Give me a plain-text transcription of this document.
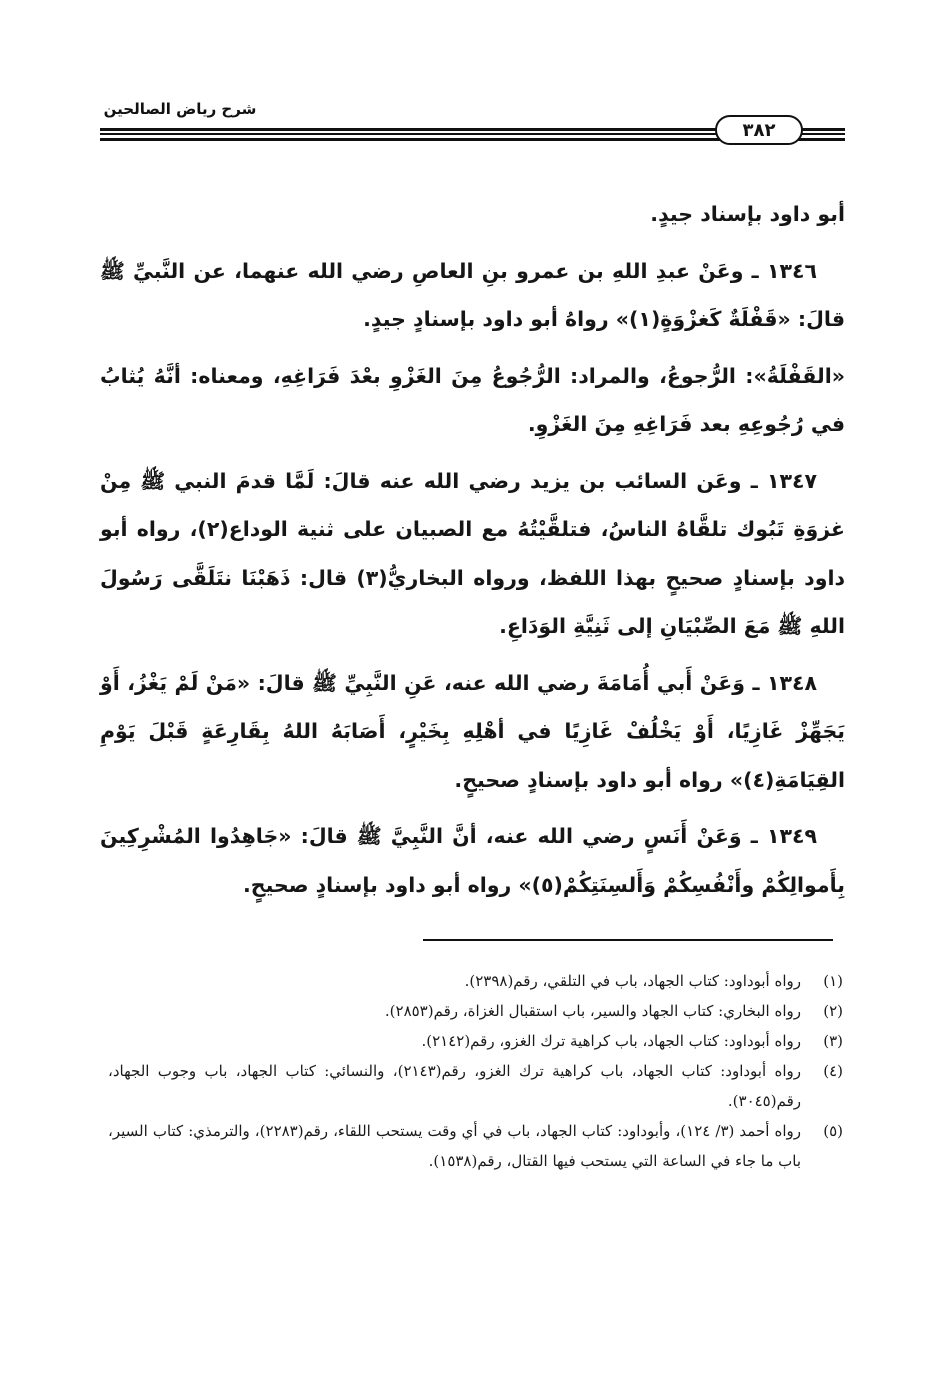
شرح رياض الصالحين
٣٨٢

أبو داود بإسناد جيدٍ.

١٣٤٦ ـ وعَنْ عبدِ اللهِ بن عمرو بنِ العاصِ رضي الله عنهما، عن النَّبيِّ ﷺ قالَ: «قَفْلَةٌ كَغزْوَةٍ(١)» رواهُ أبو داود بإسنادٍ جيدٍ.

«القَفْلَةُ»: الرُّجوعُ، والمراد: الرُّجُوعُ مِنَ الغَزْوِ بعْدَ فَرَاغِهِ، ومعناه: أنَّهُ يُثابُ في رُجُوعِهِ بعد فَرَاغِهِ مِنَ الغَزْوِ.

١٣٤٧ ـ وعَن السائب بن يزيد رضي الله عنه قالَ: لَمَّا قدمَ النبي ﷺ مِنْ غزوَةِ تَبُوك تلقَّاهُ الناسُ، فتلقَّيْتُهُ مع الصبيان على ثنية الوداع(٢)، رواه أبو داود بإسنادٍ صحيحٍ بهذا اللفظ، ورواه البخاريُّ(٣) قال: ذَهَبْنَا نتَلَقَّى رَسُولَ اللهِ ﷺ مَعَ الصِّبْيَانِ إلى ثَنِيَّةِ الوَدَاعِ.

١٣٤٨ ـ وَعَنْ أَبي أُمَامَةَ رضي الله عنه، عَنِ النَّبِيِّ ﷺ قالَ: «مَنْ لَمْ يَغْزُ، أَوْ يَجَهِّزْ غَازِيًا، أَوْ يَخْلُفْ غَازِيًا في أهْلِهِ بِخَيْرٍ، أَصَابَهُ اللهُ بِقَارِعَةٍ قَبْلَ يَوْمِ القِيَامَةِ(٤)» رواه أبو داود بإسنادٍ صحيحٍ.

١٣٤٩ ـ وَعَنْ أَنَسٍ رضي الله عنه، أنَّ النَّبِيَّ ﷺ قالَ: «جَاهِدُوا المُشْرِكِينَ بِأَموالِكُمْ وأَنْفُسِكُمْ وَأَلسِنَتِكُمْ(٥)» رواه أبو داود بإسنادٍ صحيحٍ.

(١)
رواه أبوداود: كتاب الجهاد، باب في التلقي، رقم(٢٣٩٨).
(٢)
رواه البخاري: كتاب الجهاد والسير، باب استقبال الغزاة، رقم(٢٨٥٣).
(٣)
رواه أبوداود: كتاب الجهاد، باب كراهية ترك الغزو، رقم(٢١٤٢).
(٤)
رواه أبوداود: كتاب الجهاد، باب كراهية ترك الغزو، رقم(٢١٤٣)، والنسائي: كتاب الجهاد، باب وجوب الجهاد، رقم(٣٠٤٥).
(٥)
رواه أحمد (٣/ ١٢٤)، وأبوداود: كتاب الجهاد، باب في أي وقت يستحب اللقاء، رقم(٢٢٨٣)، والترمذي: كتاب السير، باب ما جاء في الساعة التي يستحب فيها القتال، رقم(١٥٣٨).
